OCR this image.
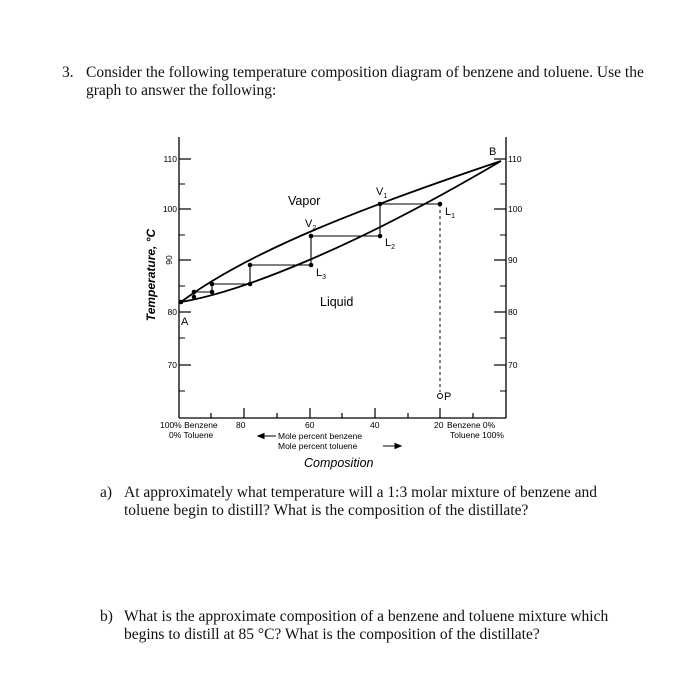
3. Consider the following temperature composition diagram of benzene and toluene. Use the graph to answer the following:
110
100
90
80
70
110
100
90
80
70
Temperature, °C
Vapor
Liquid
A
B
P
$V_1$
$V_2$
$L_1$
$L_2$
$L_3$
100% Benzene 80
0% Toluene
60	40	20 Benzene 0%
Toluene 100%
Mole percent benzene
Mole percent toluene
Composition
a) At approximately what temperature will a 1:3 molar mixture of benzene and toluene begin to distill? What is the composition of the distillate?
b) What is the approximate composition of a benzene and toluene mixture which begins to distill at 85 °C? What is the composition of the distillate?
